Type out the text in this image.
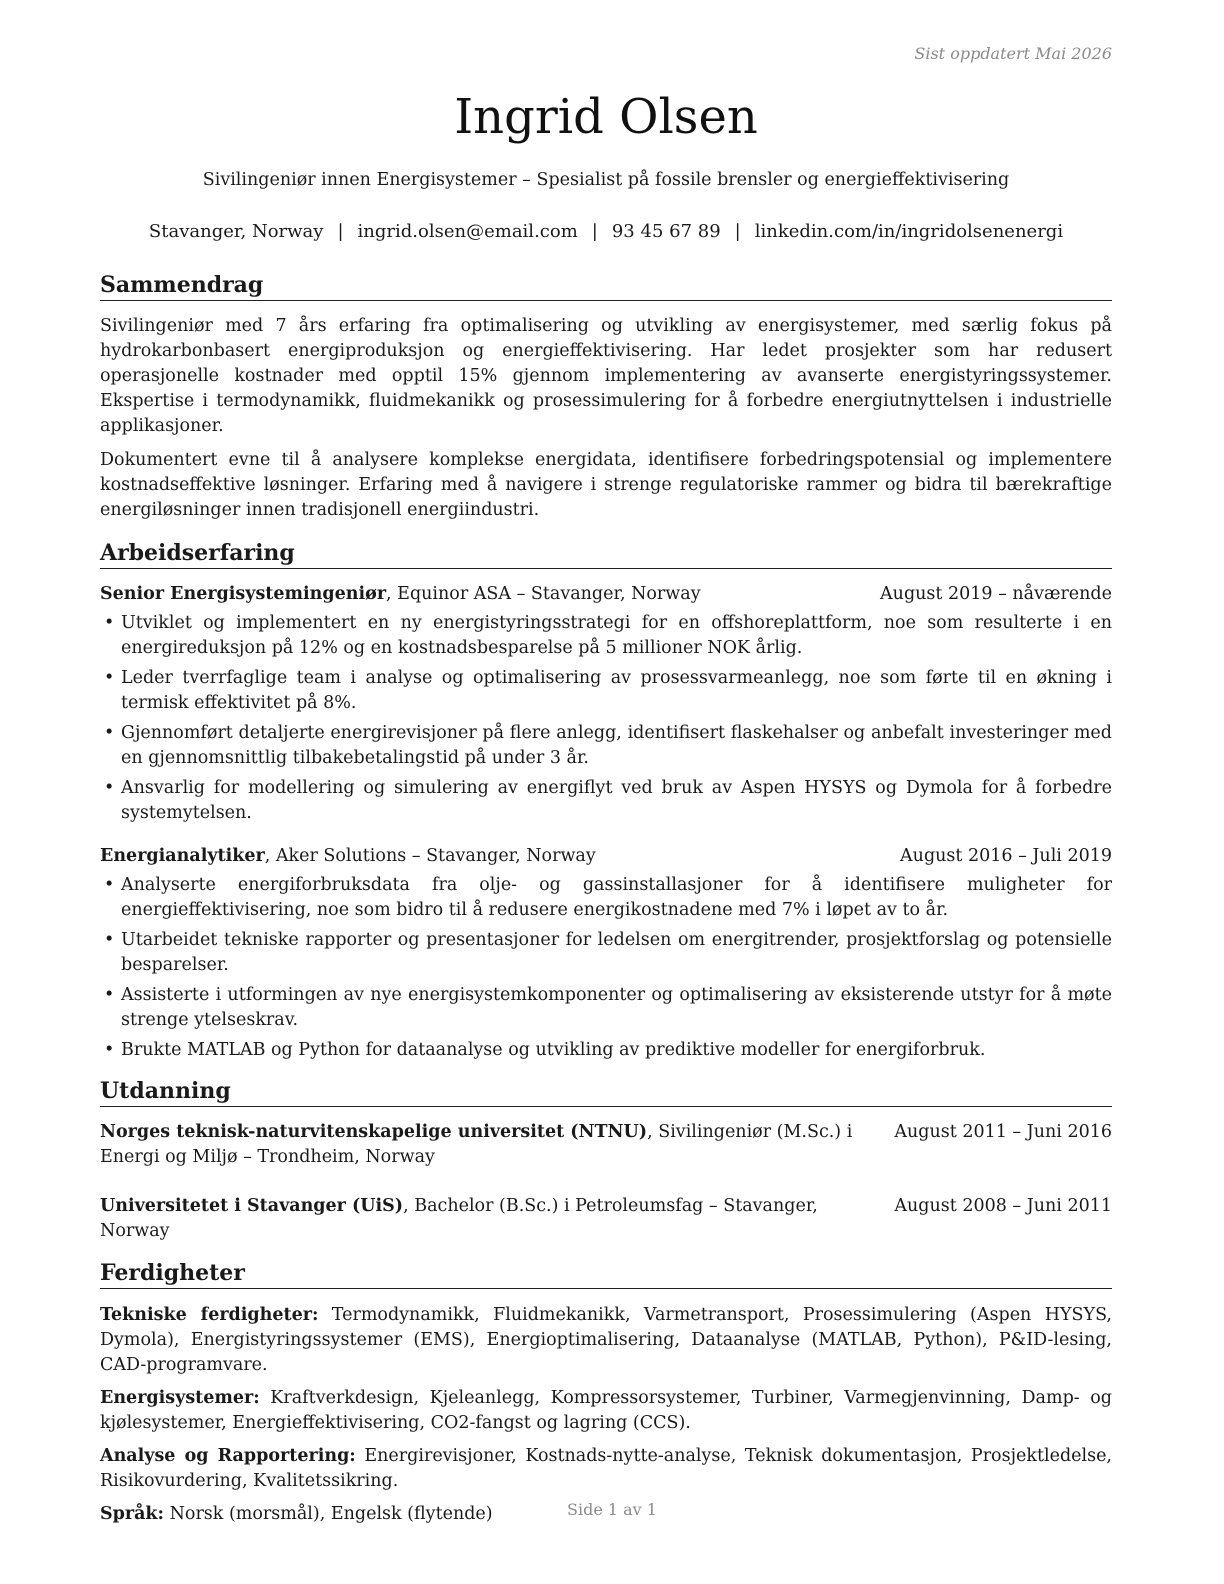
Sist oppdatert Mai 2026
Ingrid Olsen
Sivilingeniør innen Energisystemer – Spesialist på fossile brensler og energieffektivisering
Stavanger, Norway | ingrid.olsen@email.com | 93 45 67 89 | linkedin.com/in/ingridolsenenergi
Sammendrag

Sivilingeniør med 7 års erfaring fra optimalisering og utvikling av energisystemer, med særlig fokus på hydrokarbonbasert energiproduksjon og energieffektivisering. Har ledet prosjekter som har redusert operasjonelle kostnader med opptil 15% gjennom implementering av avanserte energistyringssystemer. Ekspertise i termodynamikk, fluidmekanikk og prosessimulering for å forbedre energiutnyttelsen i industrielle applikasjoner.

Dokumentert evne til å analysere komplekse energidata, identifisere forbedringspotensial og implementere kostnadseffektive løsninger. Erfaring med å navigere i strenge regulatoriske rammer og bidra til bærekraftige energiløsninger innen tradisjonell energiindustri.

Arbeidserfaring
Senior Energisystemingeniør, Equinor ASA – Stavanger, Norway	August 2019 – nåværende
• Utviklet og implementert en ny energistyringsstrategi for en offshoreplattform, noe som resulterte i en energireduksjon på 12% og en kostnadsbesparelse på 5 millioner NOK årlig.
• Leder tverrfaglige team i analyse og optimalisering av prosessvarmeanlegg, noe som førte til en økning i termisk effektivitet på 8%.
• Gjennomført detaljerte energirevisjoner på flere anlegg, identifisert flaskehalser og anbefalt investeringer med en gjennomsnittlig tilbakebetalingstid på under 3 år.
• Ansvarlig for modellering og simulering av energiflyt ved bruk av Aspen HYSYS og Dymola for å forbedre systemytelsen.
Energianalytiker, Aker Solutions – Stavanger, Norway	August 2016 – Juli 2019
• Analyserte energiforbruksdata fra olje- og gassinstallasjoner for å identifisere muligheter for energieffektivisering, noe som bidro til å redusere energikostnadene med 7% i løpet av to år.
• Utarbeidet tekniske rapporter og presentasjoner for ledelsen om energitrender, prosjektforslag og potensielle besparelser.
• Assisterte i utformingen av nye energisystemkomponenter og optimalisering av eksisterende utstyr for å møte strenge ytelseskrav.
• Brukte MATLAB og Python for dataanalyse og utvikling av prediktive modeller for energiforbruk.
Utdanning
Norges teknisk-naturvitenskapelige universitet (NTNU), Sivilingeniør (M.Sc.) i Energi og Miljø – Trondheim, Norway
August 2011 – Juni 2016
Universitetet i Stavanger (UiS), Bachelor (B.Sc.) i Petroleumsfag – Stavanger, Norway
August 2008 – Juni 2011
Ferdigheter
Tekniske ferdigheter: Termodynamikk, Fluidmekanikk, Varmetransport, Prosessimulering (Aspen HYSYS, Dymola), Energistyringssystemer (EMS), Energioptimalisering, Dataanalyse (MATLAB, Python), P&ID-lesing, CAD-programvare.
Energisystemer: Kraftverkdesign, Kjeleanlegg, Kompressorsystemer, Turbiner, Varmegjenvinning, Damp- og kjølesystemer, Energieffektivisering, CO2-fangst og lagring (CCS).
Analyse og Rapportering: Energirevisjoner, Kostnads-nytte-analyse, Teknisk dokumentasjon, Prosjektledelse, Risikovurdering, Kvalitetssikring.
Språk: Norsk (morsmål), Engelsk (flytende)	Side 1 av 1
